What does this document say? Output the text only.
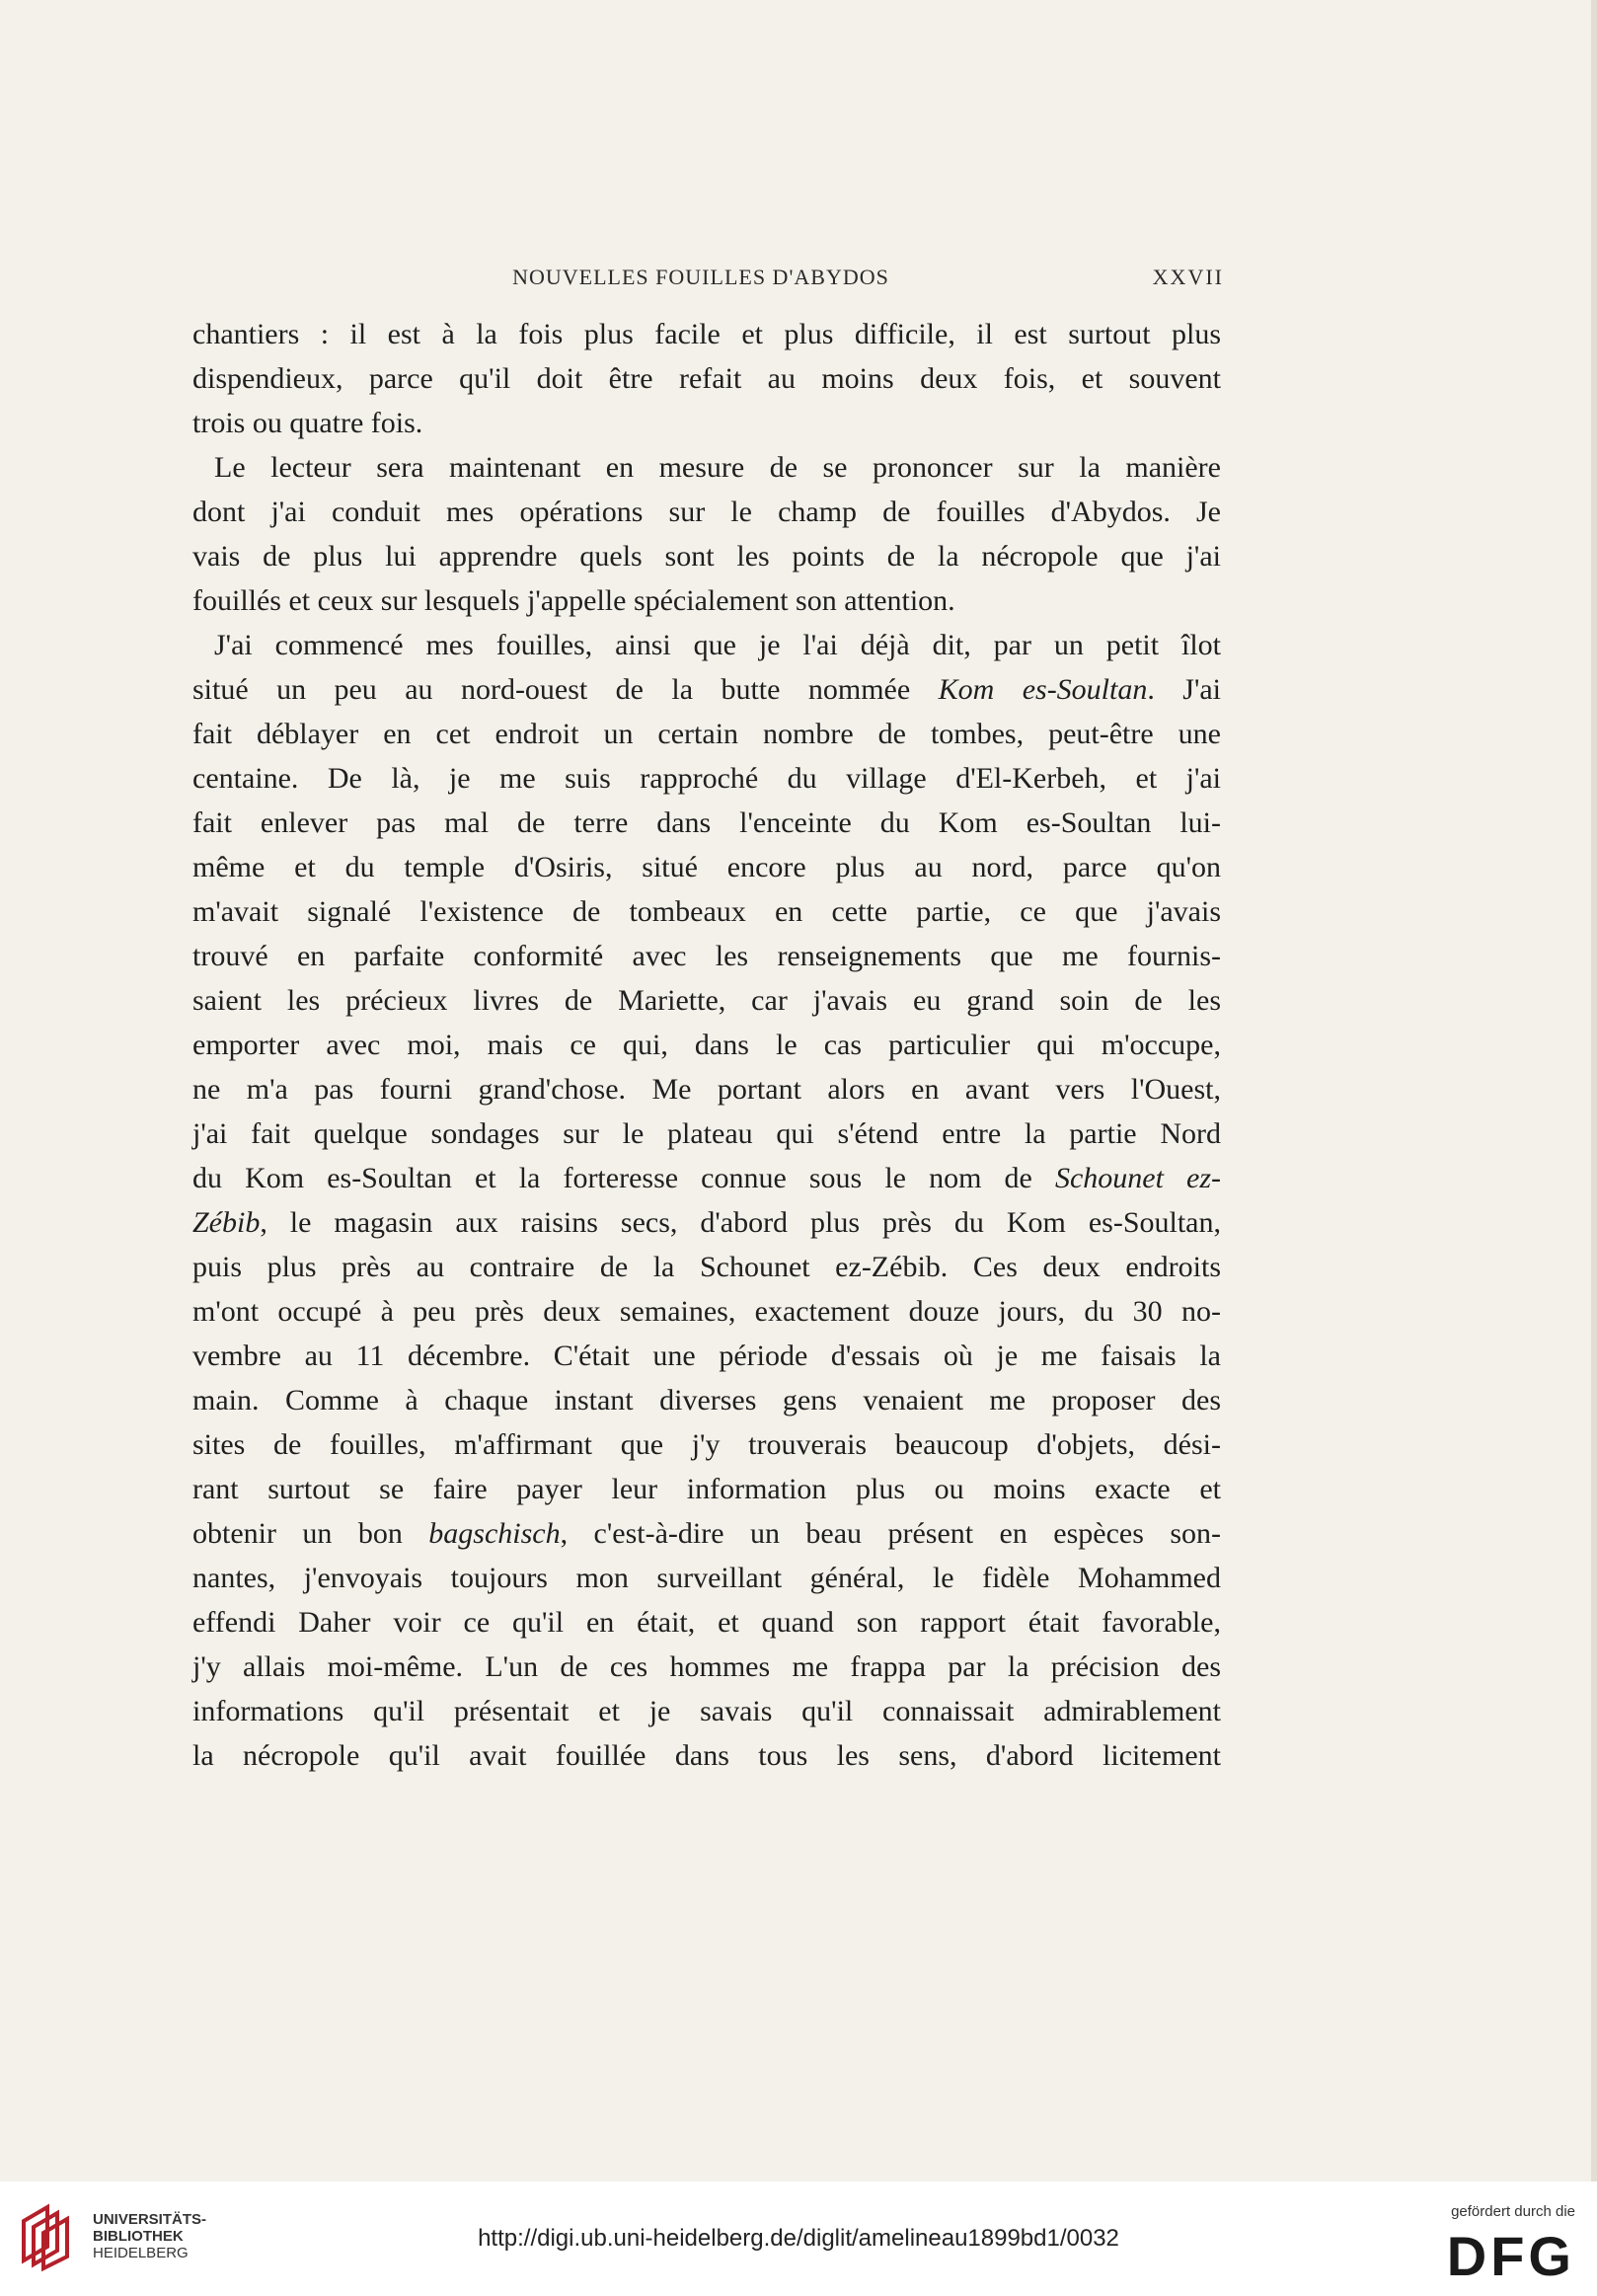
NOUVELLES FOUILLES D'ABYDOS	XXVII
chantiers : il est à la fois plus facile et plus difficile, il est surtout plus
dispendieux, parce qu'il doit être refait au moins deux fois, et souvent
trois ou quatre fois.
Le lecteur sera maintenant en mesure de se prononcer sur la manière
dont j'ai conduit mes opérations sur le champ de fouilles d'Abydos. Je
vais de plus lui apprendre quels sont les points de la nécropole que j'ai
fouillés et ceux sur lesquels j'appelle spécialement son attention.
J'ai commencé mes fouilles, ainsi que je l'ai déjà dit, par un petit îlot
situé un peu au nord-ouest de la butte nommée Kom es-Soultan. J'ai
fait déblayer en cet endroit un certain nombre de tombes, peut-être une
centaine. De là, je me suis rapproché du village d'El-Kerbeh, et j'ai
fait enlever pas mal de terre dans l'enceinte du Kom es-Soultan lui-
même et du temple d'Osiris, situé encore plus au nord, parce qu'on
m'avait signalé l'existence de tombeaux en cette partie, ce que j'avais
trouvé en parfaite conformité avec les renseignements que me fournis-
saient les précieux livres de Mariette, car j'avais eu grand soin de les
emporter avec moi, mais ce qui, dans le cas particulier qui m'occupe,
ne m'a pas fourni grand'chose. Me portant alors en avant vers l'Ouest,
j'ai fait quelque sondages sur le plateau qui s'étend entre la partie Nord
du Kom es-Soultan et la forteresse connue sous le nom de Schounet ez-
Zébib, le magasin aux raisins secs, d'abord plus près du Kom es-Soultan,
puis plus près au contraire de la Schounet ez-Zébib. Ces deux endroits
m'ont occupé à peu près deux semaines, exactement douze jours, du 30 no-
vembre au 11 décembre. C'était une période d'essais où je me faisais la
main. Comme à chaque instant diverses gens venaient me proposer des
sites de fouilles, m'affirmant que j'y trouverais beaucoup d'objets, dési-
rant surtout se faire payer leur information plus ou moins exacte et
obtenir un bon bagschisch, c'est-à-dire un beau présent en espèces son-
nantes, j'envoyais toujours mon surveillant général, le fidèle Mohammed
effendi Daher voir ce qu'il en était, et quand son rapport était favorable,
j'y allais moi-même. L'un de ces hommes me frappa par la précision des
informations qu'il présentait et je savais qu'il connaissait admirablement
la nécropole qu'il avait fouillée dans tous les sens, d'abord licitement
UNIVERSITÄTS-
BIBLIOTHEK
HEIDELBERG
http://digi.ub.uni-heidelberg.de/diglit/amelineau1899bd1/0032
gefördert durch die
DFG
